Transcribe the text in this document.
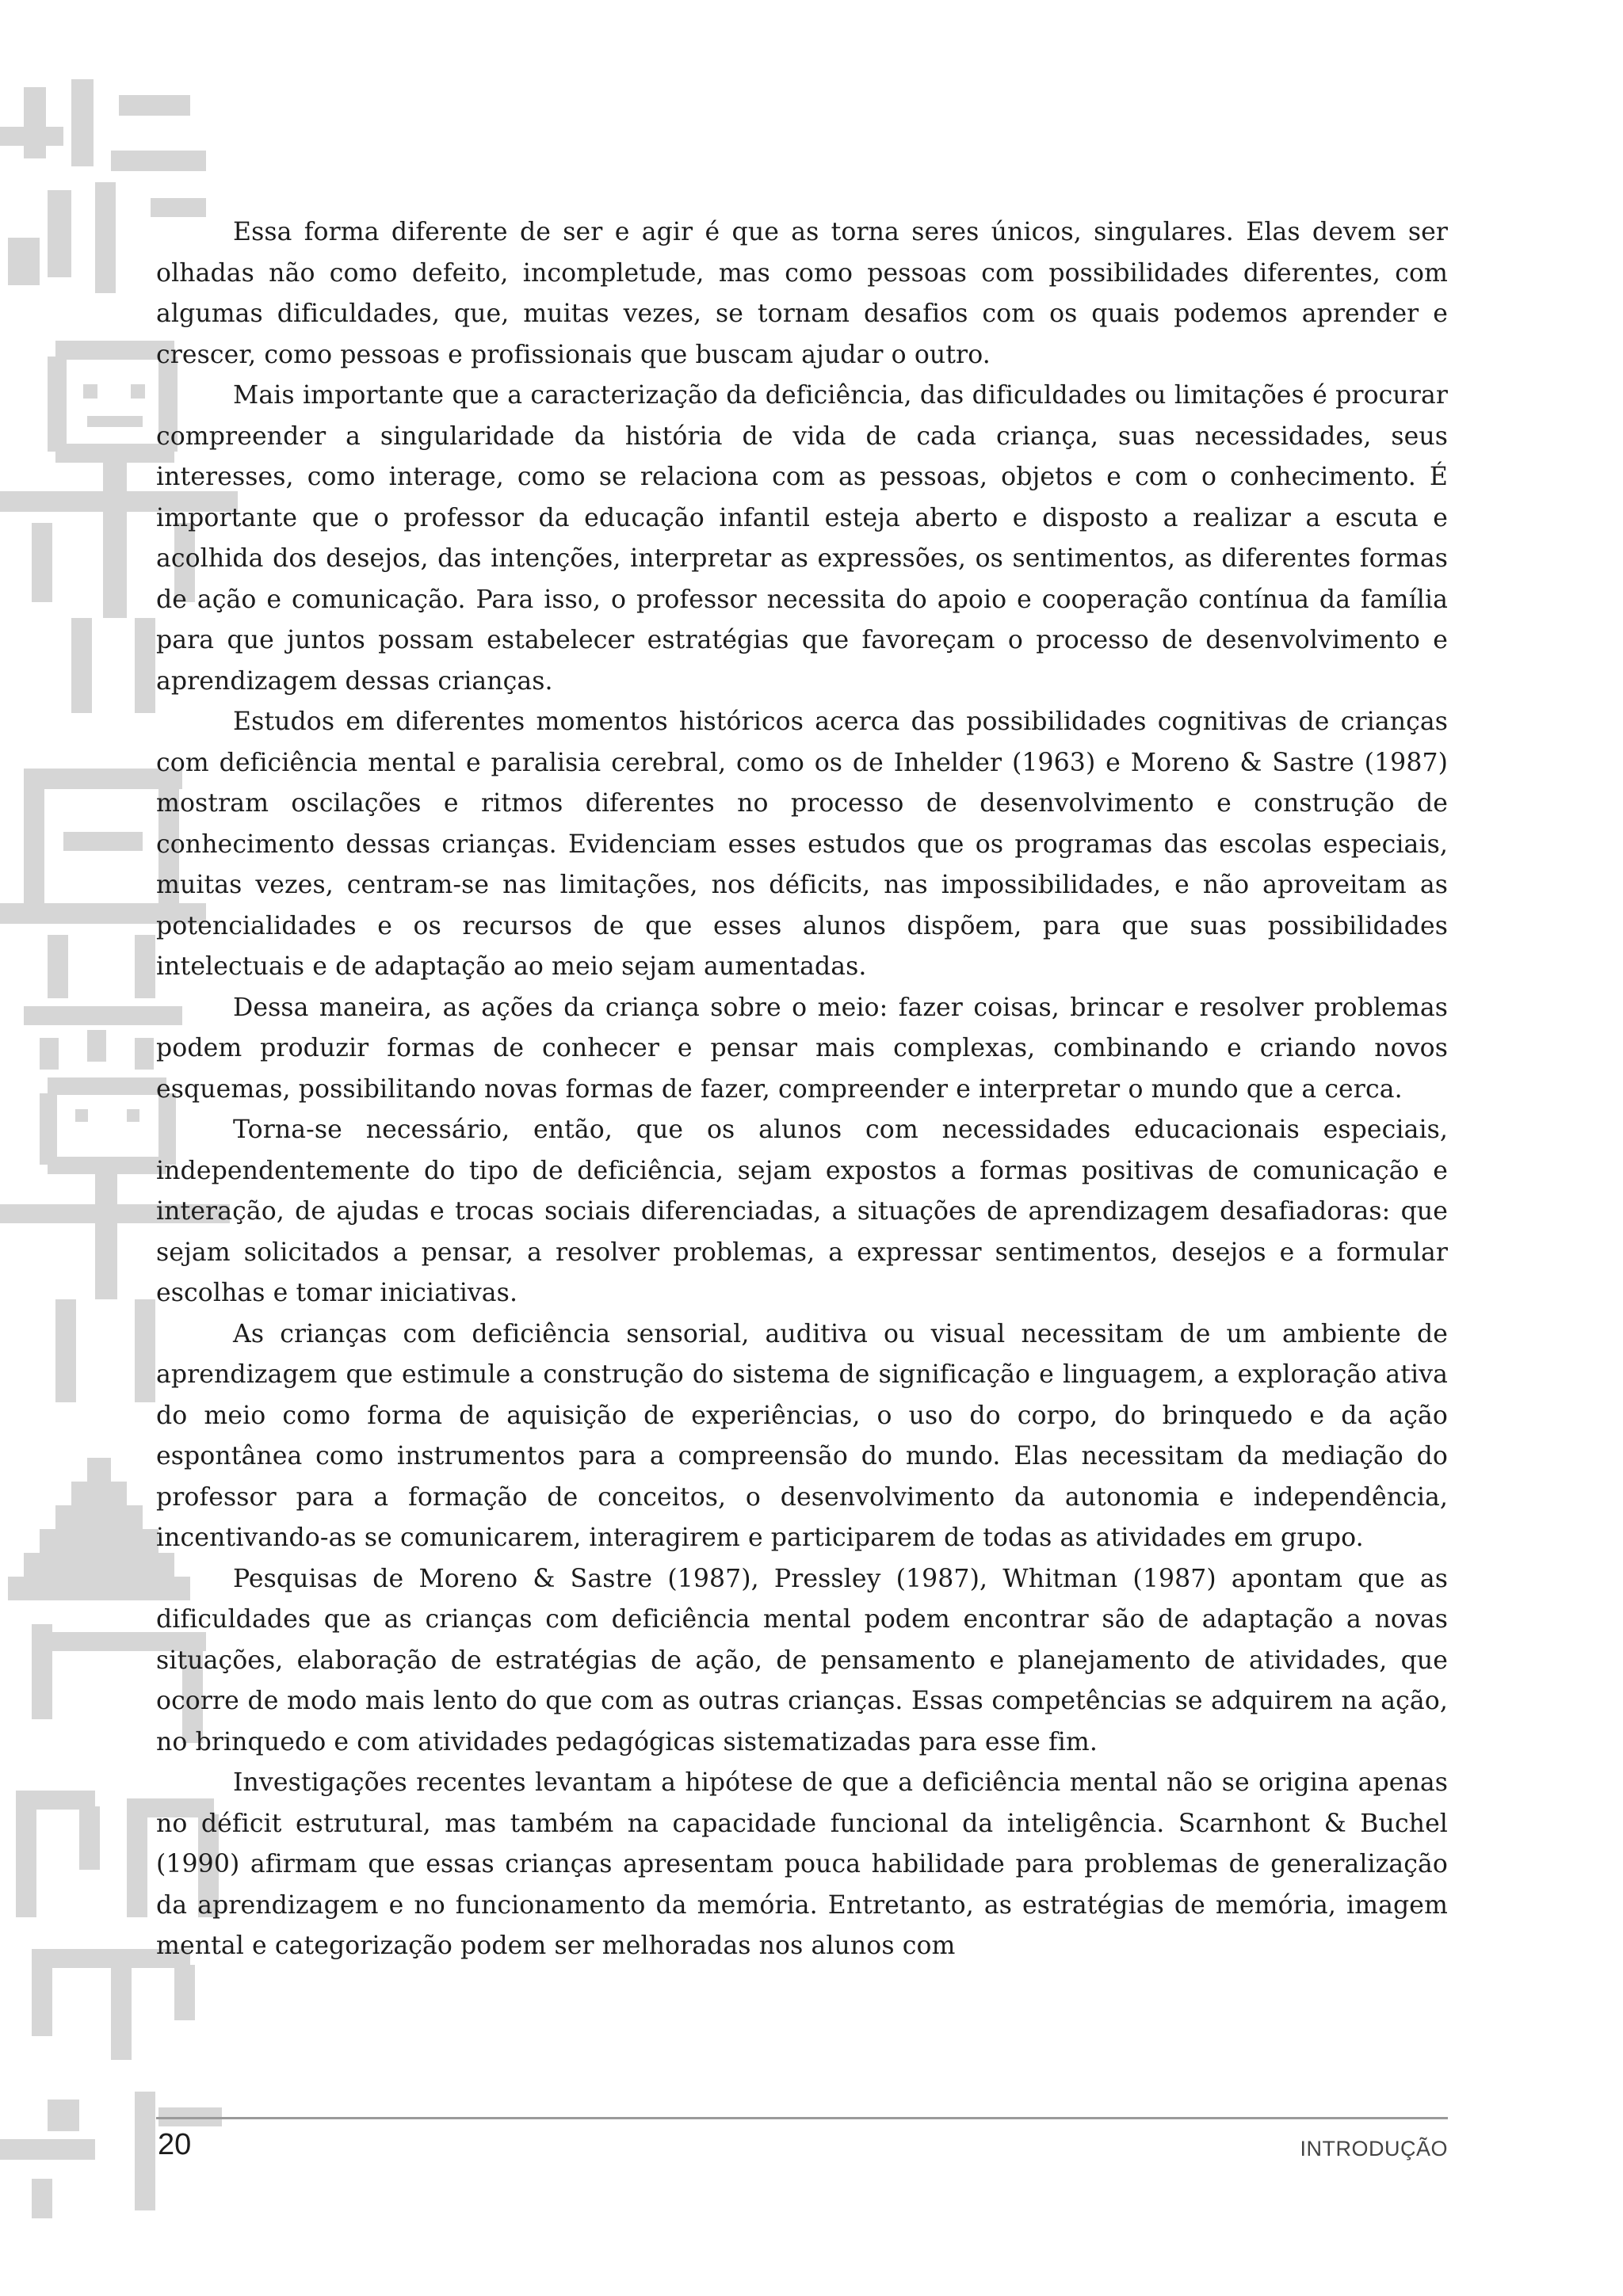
Essa forma diferente de ser e agir é que as torna seres únicos, singulares. Elas devem ser olhadas não como defeito, incompletude, mas como pessoas com possibilidades diferentes, com algumas dificuldades, que, muitas vezes, se tornam desafios com os quais podemos aprender e crescer, como pessoas e profissionais que buscam ajudar o outro.

Mais importante que a caracterização da deficiência, das dificuldades ou limitações é procurar compreender a singularidade da história de vida de cada criança, suas necessidades, seus interesses, como interage, como se relaciona com as pessoas, objetos e com o conhecimento. É importante que o professor da educação infantil esteja aberto e disposto a realizar a escuta e acolhida dos desejos, das intenções, interpretar as expressões, os sentimentos, as diferentes formas de ação e comunicação. Para isso, o professor necessita do apoio e cooperação contínua da família para que juntos possam estabelecer estratégias que favoreçam o processo de desenvolvimento e aprendizagem dessas crianças.

Estudos em diferentes momentos históricos acerca das possibilidades cognitivas de crianças com deficiência mental e paralisia cerebral, como os de Inhelder (1963) e Moreno & Sastre (1987) mostram oscilações e ritmos diferentes no processo de desenvolvimento e construção de conhecimento dessas crianças. Evidenciam esses estudos que os programas das escolas especiais, muitas vezes, centram-se nas limitações, nos déficits, nas impossibilidades, e não aproveitam as potencialidades e os recursos de que esses alunos dispõem, para que suas possibilidades intelectuais e de adaptação ao meio sejam aumentadas.

Dessa maneira, as ações da criança sobre o meio: fazer coisas, brincar e resolver problemas podem produzir formas de conhecer e pensar mais complexas, combinando e criando novos esquemas, possibilitando novas formas de fazer, compreender e interpretar o mundo que a cerca.

Torna-se necessário, então, que os alunos com necessidades educacionais especiais, independentemente do tipo de deficiência, sejam expostos a formas positivas de comunicação e interação, de ajudas e trocas sociais diferenciadas, a situações de aprendizagem desafiadoras: que sejam solicitados a pensar, a resolver problemas, a expressar sentimentos, desejos e a formular escolhas e tomar iniciativas.

As crianças com deficiência sensorial, auditiva ou visual necessitam de um ambiente de aprendizagem que estimule a construção do sistema de significação e linguagem, a exploração ativa do meio como forma de aquisição de experiências, o uso do corpo, do brinquedo e da ação espontânea como instrumentos para a compreensão do mundo. Elas necessitam da mediação do professor para a formação de conceitos, o desenvolvimento da autonomia e independência, incentivando-as se comunicarem, interagirem e participarem de todas as atividades em grupo.

Pesquisas de Moreno & Sastre (1987), Pressley (1987), Whitman (1987) apontam que as dificuldades que as crianças com deficiência mental podem encontrar são de adaptação a novas situações, elaboração de estratégias de ação, de pensamento e planejamento de atividades, que ocorre de modo mais lento do que com as outras crianças. Essas competências se adquirem na ação, no brinquedo e com atividades pedagógicas sistematizadas para esse fim.

Investigações recentes levantam a hipótese de que a deficiência mental não se origina apenas no déficit estrutural, mas também na capacidade funcional da inteligência. Scarnhont & Buchel (1990) afirmam que essas crianças apresentam pouca habilidade para problemas de generalização da aprendizagem e no funcionamento da memória. Entretanto, as estratégias de memória, imagem mental e categorização podem ser melhoradas nos alunos com

20	INTRODUÇÃO
